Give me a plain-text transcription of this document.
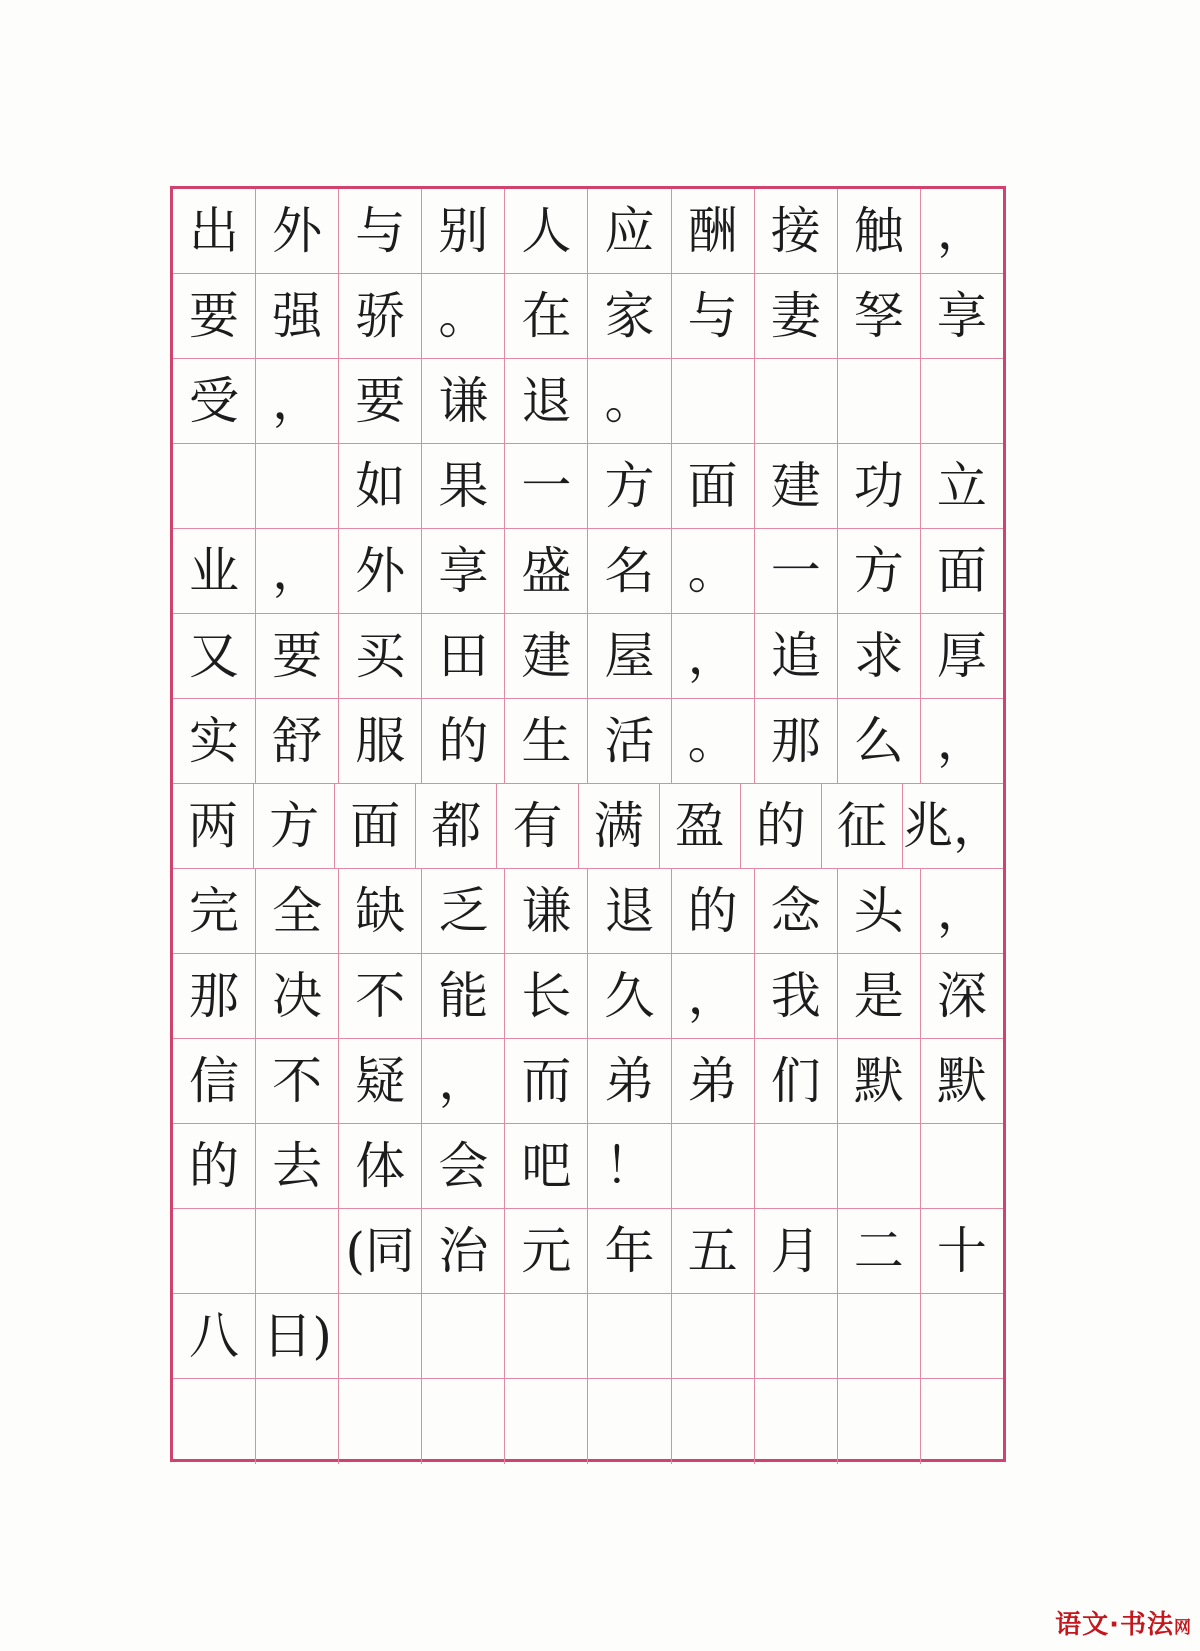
出 外 与 别 人 应 酬 接 触 ，
要 强 骄 。 在 家 与 妻 孥 享
受 ， 要 谦 退 。
如 果 一 方 面 建 功 立
业 ， 外 享 盛 名 。 一 方 面
又 要 买 田 建 屋 ， 追 求 厚
实 舒 服 的 生 活 。 那 么 ，
两 方 面 都 有 满 盈 的 征 兆，
完 全 缺 乏 谦 退 的 念 头 ，
那 决 不 能 长 久 ， 我 是 深
信 不 疑 ， 而 弟 弟 们 默 默
的 去 体 会 吧 ！
(同 治 元 年 五 月 二 十
八 日)
语文·书法网
